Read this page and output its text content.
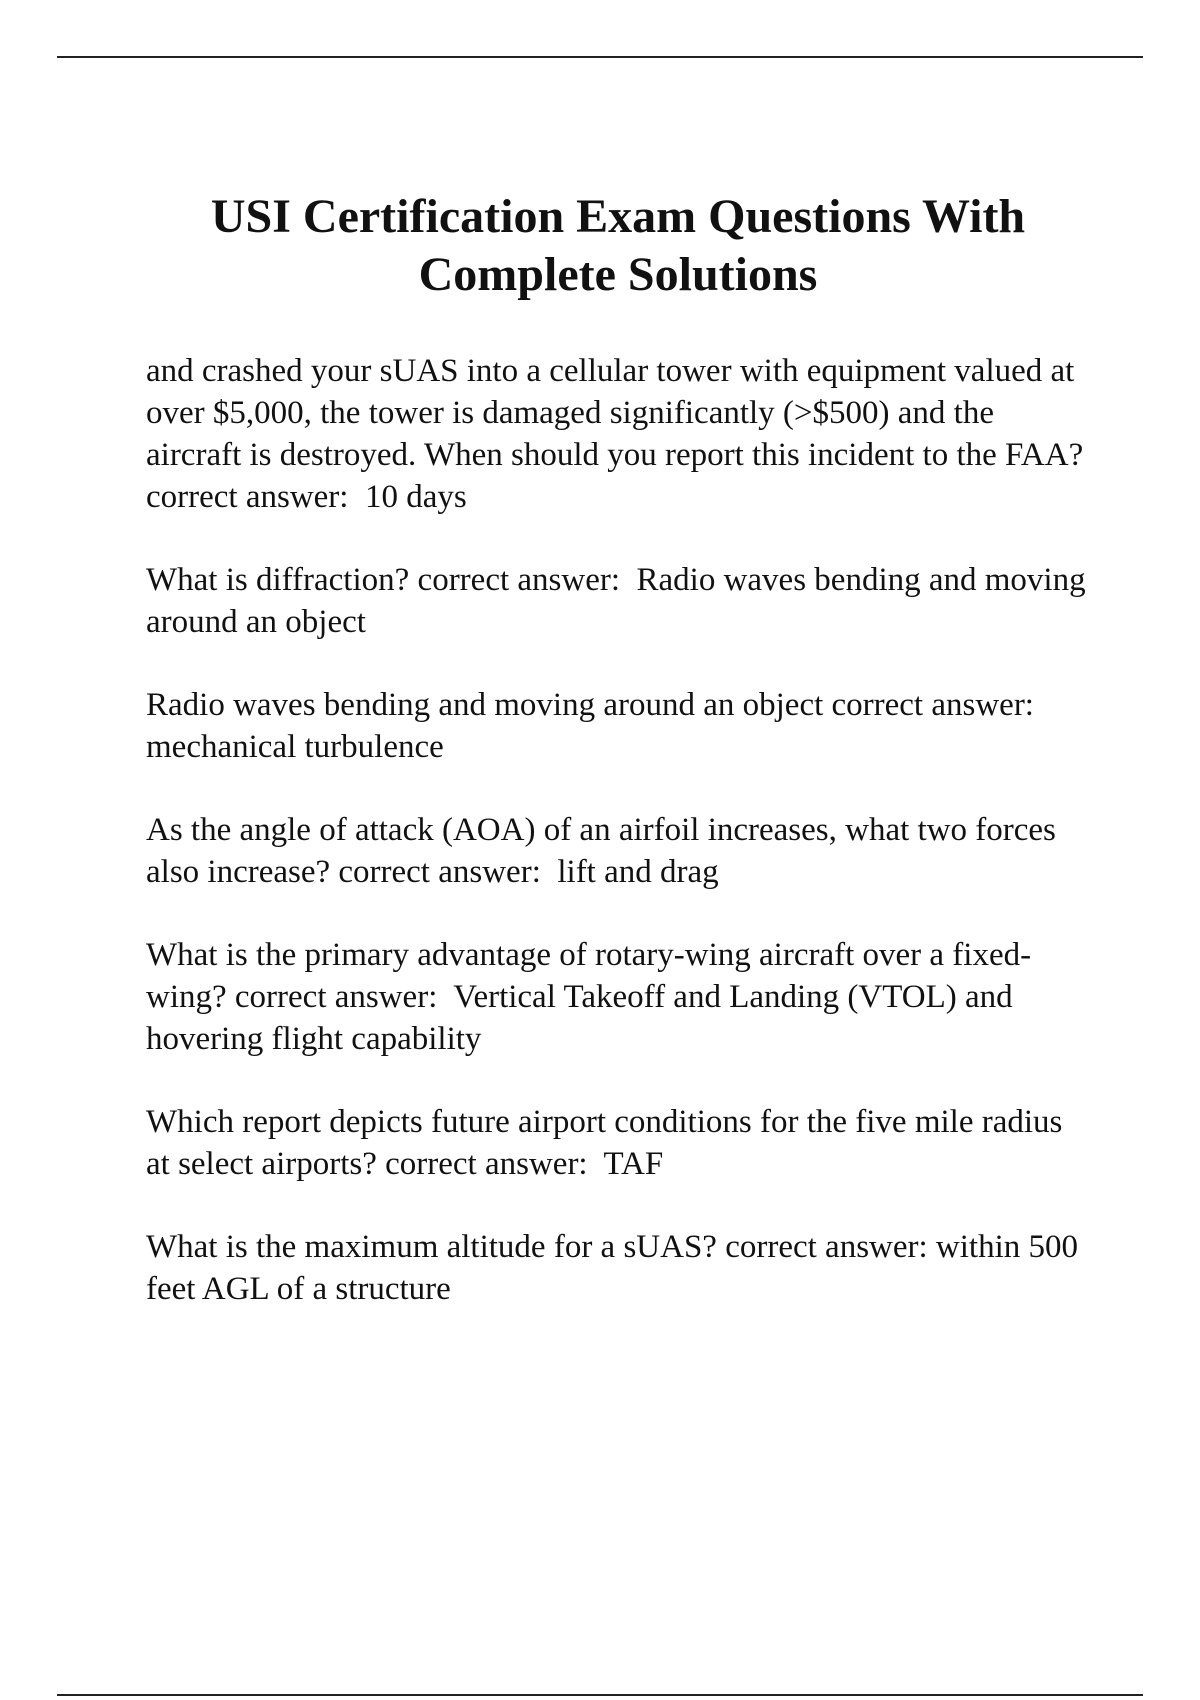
USI Certification Exam Questions With
Complete Solutions

and crashed your sUAS into a cellular tower with equipment valued at over $5,000, the tower is damaged significantly (>$500) and the aircraft is destroyed. When should you report this incident to the FAA? correct answer:  10 days

What is diffraction? correct answer:  Radio waves bending and moving around an object

Radio waves bending and moving around an object correct answer:  mechanical turbulence

As the angle of attack (AOA) of an airfoil increases, what two forces also increase? correct answer:  lift and drag

What is the primary advantage of rotary-wing aircraft over a fixed-wing? correct answer:  Vertical Takeoff and Landing (VTOL) and hovering flight capability

Which report depicts future airport conditions for the five mile radius at select airports? correct answer:  TAF

What is the maximum altitude for a sUAS? correct answer: within 500 feet AGL of a structure
